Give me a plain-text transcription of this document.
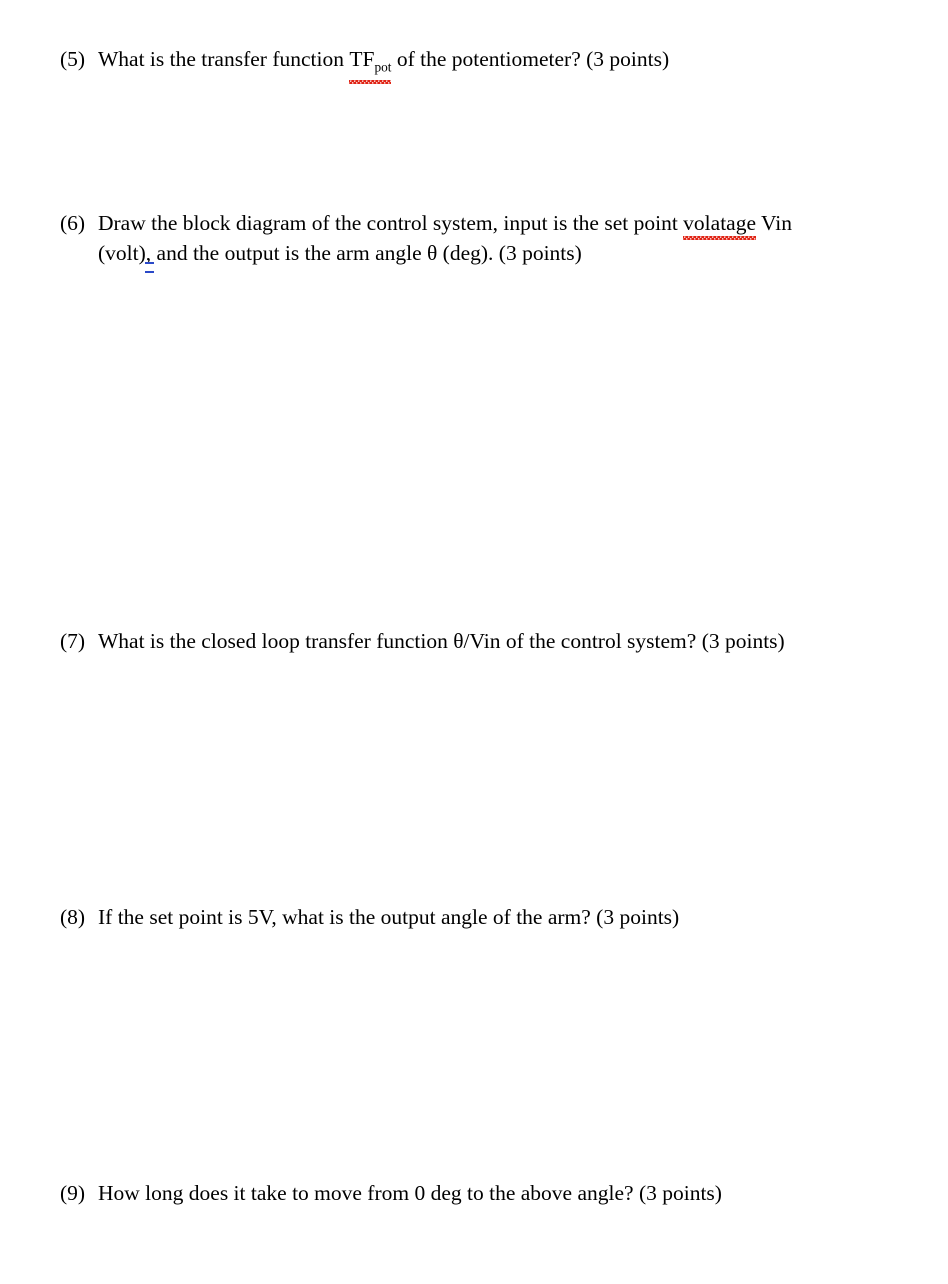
(5) What is the transfer function $TF_{pot}$ of the potentiometer? (3 points)
(6) Draw the block diagram of the control system, input is the set point volatage Vin
(volt), and the output is the arm angle θ (deg). (3 points)
(7) What is the closed loop transfer function θ/Vin of the control system? (3 points)
(8) If the set point is 5V, what is the output angle of the arm? (3 points)
(9) How long does it take to move from 0 deg to the above angle? (3 points)
